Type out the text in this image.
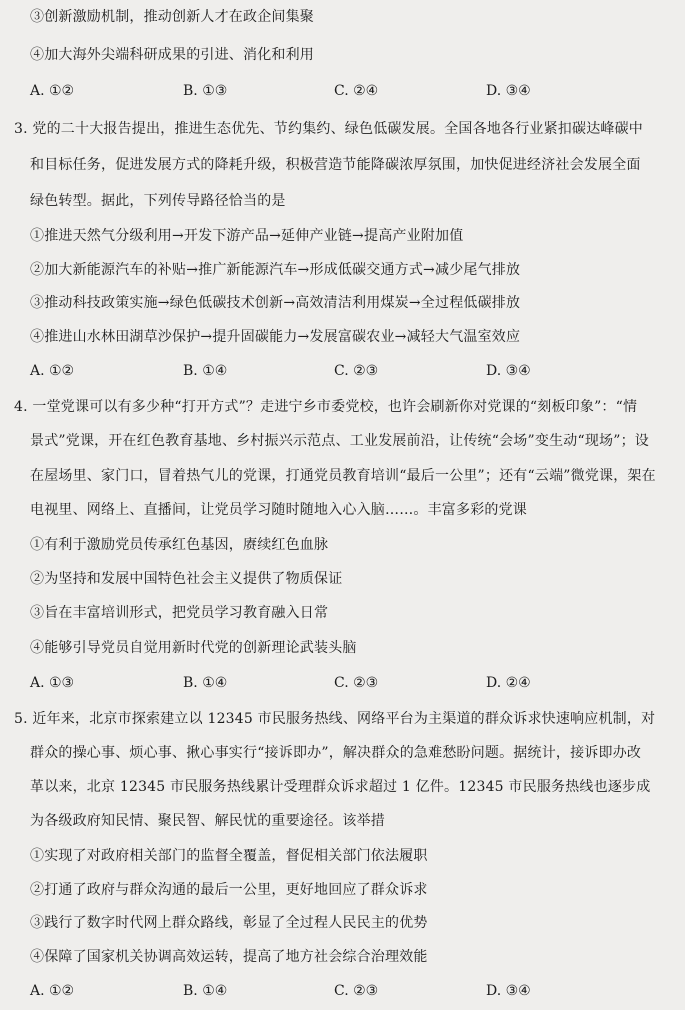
③创新激励机制，推动创新人才在政企间集聚
④加大海外尖端科研成果的引进、消化和利用
A. ①②	B. ①③	C. ②④	D. ③④
3. 党的二十大报告提出，推进生态优先、节约集约、绿色低碳发展。全国各地各行业紧扣碳达峰碳中
和目标任务，促进发展方式的降耗升级，积极营造节能降碳浓厚氛围，加快促进经济社会发展全面
绿色转型。据此，下列传导路径恰当的是
①推进天然气分级利用→开发下游产品→延伸产业链→提高产业附加值
②加大新能源汽车的补贴→推广新能源汽车→形成低碳交通方式→减少尾气排放
③推动科技政策实施→绿色低碳技术创新→高效清洁利用煤炭→全过程低碳排放
④推进山水林田湖草沙保护→提升固碳能力→发展富碳农业→减轻大气温室效应
A. ①②	B. ①④	C. ②③	D. ③④
4. 一堂党课可以有多少种“打开方式”？走进宁乡市委党校，也许会刷新你对党课的“刻板印象”：“情
景式”党课，开在红色教育基地、乡村振兴示范点、工业发展前沿，让传统“会场”变生动“现场”；设
在屋场里、家门口，冒着热气儿的党课，打通党员教育培训“最后一公里”；还有“云端”微党课，架在
电视里、网络上、直播间，让党员学习随时随地入心入脑……。丰富多彩的党课
①有利于激励党员传承红色基因，赓续红色血脉
②为坚持和发展中国特色社会主义提供了物质保证
③旨在丰富培训形式，把党员学习教育融入日常
④能够引导党员自觉用新时代党的创新理论武装头脑
A. ①③	B. ①④	C. ②③	D. ②④
5. 近年来，北京市探索建立以 12345 市民服务热线、网络平台为主渠道的群众诉求快速响应机制，对
群众的操心事、烦心事、揪心事实行“接诉即办”，解决群众的急难愁盼问题。据统计，接诉即办改
革以来，北京 12345 市民服务热线累计受理群众诉求超过 1 亿件。12345 市民服务热线也逐步成
为各级政府知民情、聚民智、解民忧的重要途径。该举措
①实现了对政府相关部门的监督全覆盖，督促相关部门依法履职
②打通了政府与群众沟通的最后一公里，更好地回应了群众诉求
③践行了数字时代网上群众路线，彰显了全过程人民民主的优势
④保障了国家机关协调高效运转，提高了地方社会综合治理效能
A. ①②	B. ①④	C. ②③	D. ③④
